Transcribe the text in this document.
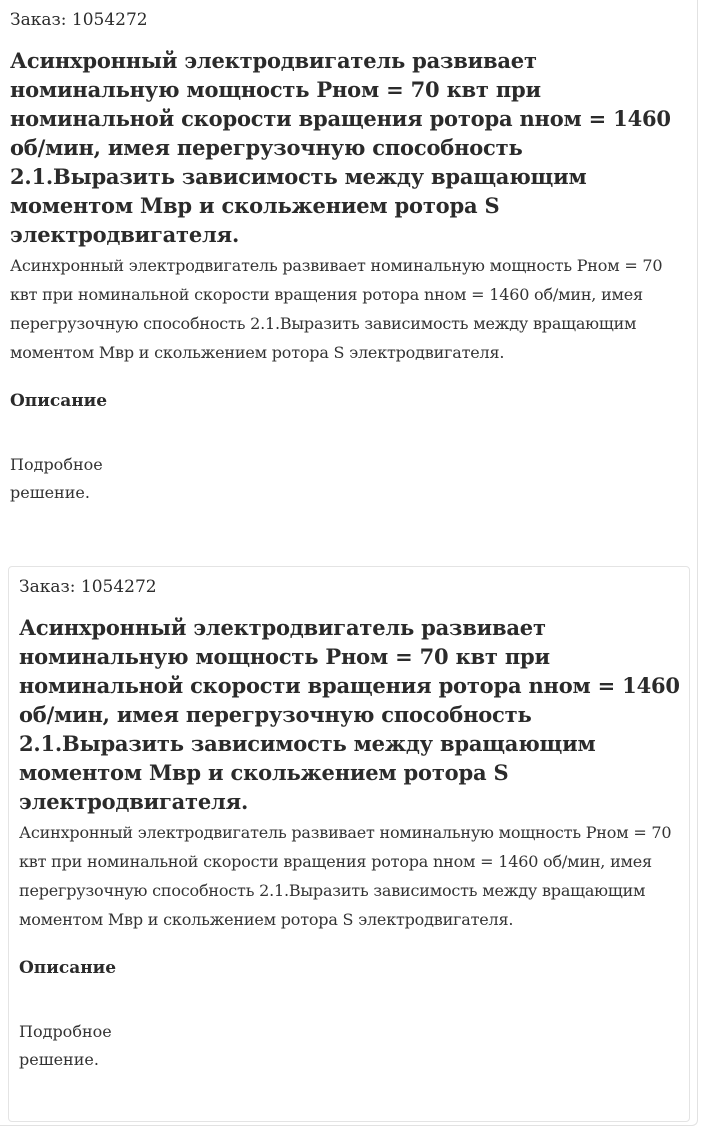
Заказ: 1054272
Асинхронный электродвигатель развивает номинальную мощность Pном = 70 квт при номинальной скорости вращения ротора nном = 1460 об/мин, имея перегрузочную способность 2.1.Выразить зависимость между вращающим моментом Mвр и скольжением ротора S электродвигателя.
Асинхронный электродвигатель развивает номинальную мощность Pном = 70 квт при номинальной скорости вращения ротора nном = 1460 об/мин, имея перегрузочную способность 2.1.Выразить зависимость между вращающим моментом Mвр и скольжением ротора S электродвигателя.
Описание
Подробное решение.
Заказ: 1054272
Асинхронный электродвигатель развивает номинальную мощность Pном = 70 квт при номинальной скорости вращения ротора nном = 1460 об/мин, имея перегрузочную способность 2.1.Выразить зависимость между вращающим моментом Mвр и скольжением ротора S электродвигателя.
Асинхронный электродвигатель развивает номинальную мощность Pном = 70 квт при номинальной скорости вращения ротора nном = 1460 об/мин, имея перегрузочную способность 2.1.Выразить зависимость между вращающим моментом Mвр и скольжением ротора S электродвигателя.
Описание
Подробное решение.
